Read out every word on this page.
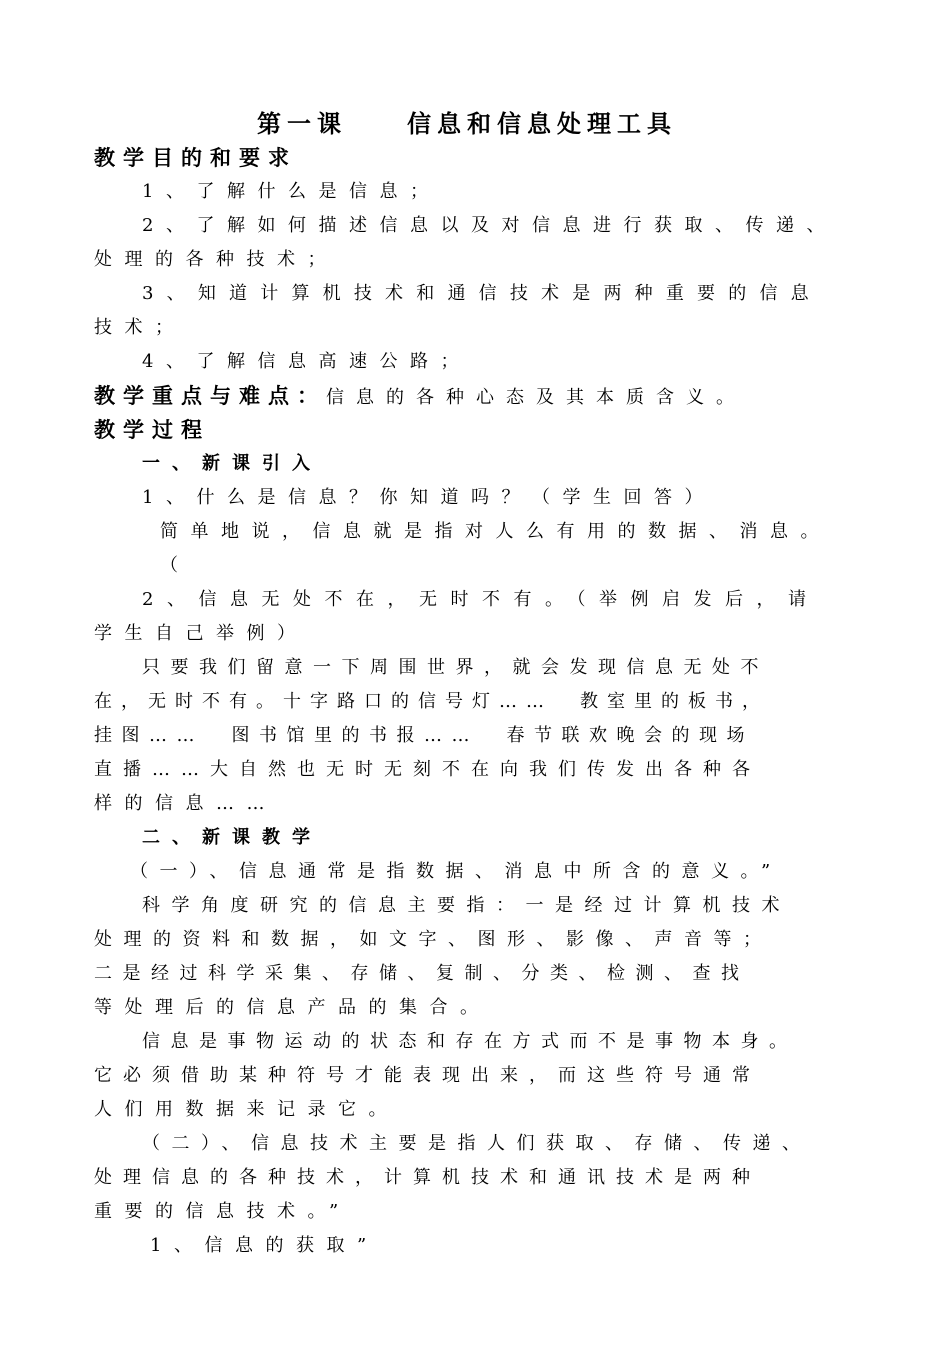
第一课　　信息和信息处理工具

教学目的和要求

1、了解什么是信息；

2、了解如何描述信息以及对信息进行获取、传递、

处理的各种技术；

3、知道计算机技术和通信技术是两种重要的信息

技术；

4、了解信息高速公路；

教学重点与难点：信息的各种心态及其本质含义。

教学过程

一、新课引入

1、什么是信息？你知道吗？（学生回答）

简单地说，信息就是指对人么有用的数据、消息。

（

2、信息无处不在，无时不有。（举例启发后，请

学生自己举例）

只要我们留意一下周围世界，就会发现信息无处不

在，无时不有。十字路口的信号灯……　教室里的板书，

挂图……　图书馆里的书报……　春节联欢晚会的现场

直播……大自然也无时无刻不在向我们传发出各种各

样的信息……

二、新课教学

（一）、信息通常是指数据、消息中所含的意义。”

科学角度研究的信息主要指：一是经过计算机技术

处理的资料和数据，如文字、图形、影像、声音等；

二是经过科学采集、存储、复制、分类、检测、查找

等处理后的信息产品的集合。

信息是事物运动的状态和存在方式而不是事物本身。

它必须借助某种符号才能表现出来，而这些符号通常

人们用数据来记录它。

（二）、信息技术主要是指人们获取、存储、传递、

处理信息的各种技术，计算机技术和通讯技术是两种

重要的信息技术。”

1、信息的获取”
